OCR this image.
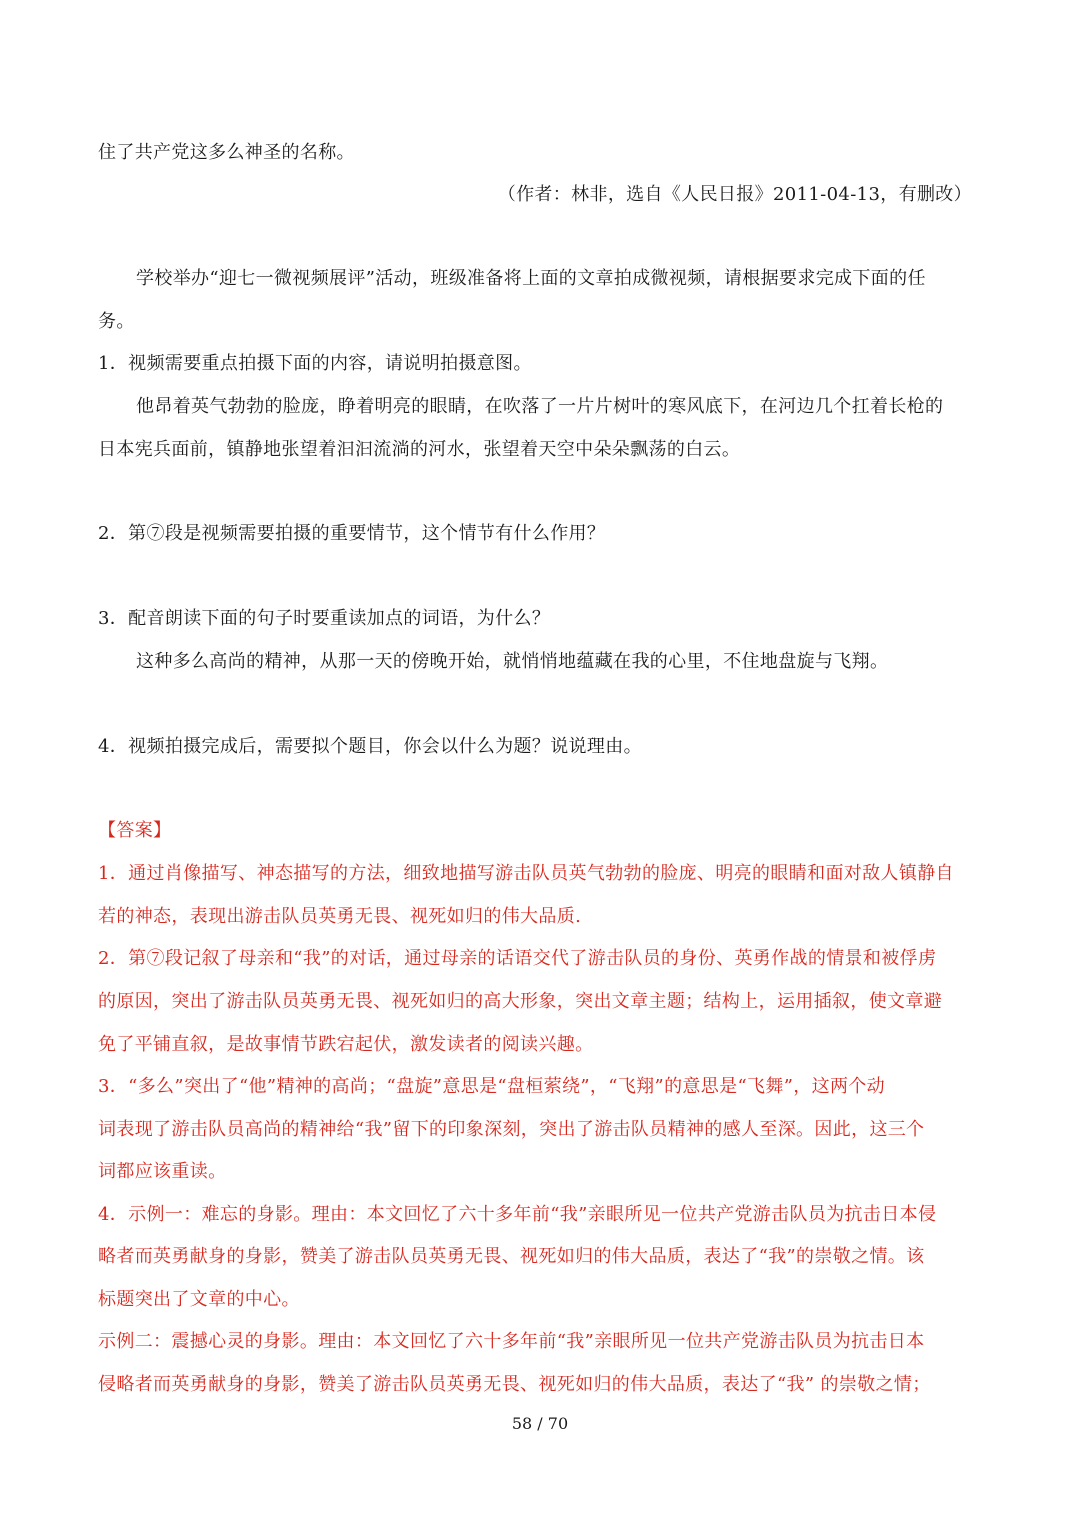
住了共产党这多么神圣的名称。
（作者：林非，选自《人民日报》2011-04-13，有删改）
学校举办“迎七一微视频展评”活动，班级准备将上面的文章拍成微视频，请根据要求完成下面的任
务。
1．视频需要重点拍摄下面的内容，请说明拍摄意图。
他昂着英气勃勃的脸庞，睁着明亮的眼睛，在吹落了一片片树叶的寒风底下，在河边几个扛着长枪的
日本宪兵面前，镇静地张望着汩汩流淌的河水，张望着天空中朵朵飘荡的白云。
2．第⑦段是视频需要拍摄的重要情节，这个情节有什么作用？
3．配音朗读下面的句子时要重读加点的词语，为什么？
这种多么高尚的精神，从那一天的傍晚开始，就悄悄地蕴藏在我的心里，不住地盘旋与飞翔。
4．视频拍摄完成后，需要拟个题目，你会以什么为题？说说理由。
【答案】
1．通过肖像描写、神态描写的方法，细致地描写游击队员英气勃勃的脸庞、明亮的眼睛和面对敌人镇静自
若的神态，表现出游击队员英勇无畏、视死如归的伟大品质.
2．第⑦段记叙了母亲和“我”的对话，通过母亲的话语交代了游击队员的身份、英勇作战的情景和被俘虏
的原因，突出了游击队员英勇无畏、视死如归的高大形象，突出文章主题；结构上，运用插叙，使文章避
免了平铺直叙，是故事情节跌宕起伏，激发读者的阅读兴趣。
3．“多么”突出了“他”精神的高尚；“盘旋”意思是“盘桓萦绕”，“飞翔”的意思是“飞舞”，这两个动
词表现了游击队员高尚的精神给“我”留下的印象深刻，突出了游击队员精神的感人至深。因此，这三个
词都应该重读。
4．示例一：难忘的身影。理由：本文回忆了六十多年前“我”亲眼所见一位共产党游击队员为抗击日本侵
略者而英勇献身的身影，赞美了游击队员英勇无畏、视死如归的伟大品质，表达了“我”的崇敬之情。该
标题突出了文章的中心。
示例二：震撼心灵的身影。理由：本文回忆了六十多年前“我”亲眼所见一位共产党游击队员为抗击日本
侵略者而英勇献身的身影，赞美了游击队员英勇无畏、视死如归的伟大品质，表达了“我” 的崇敬之情；
58 / 70
